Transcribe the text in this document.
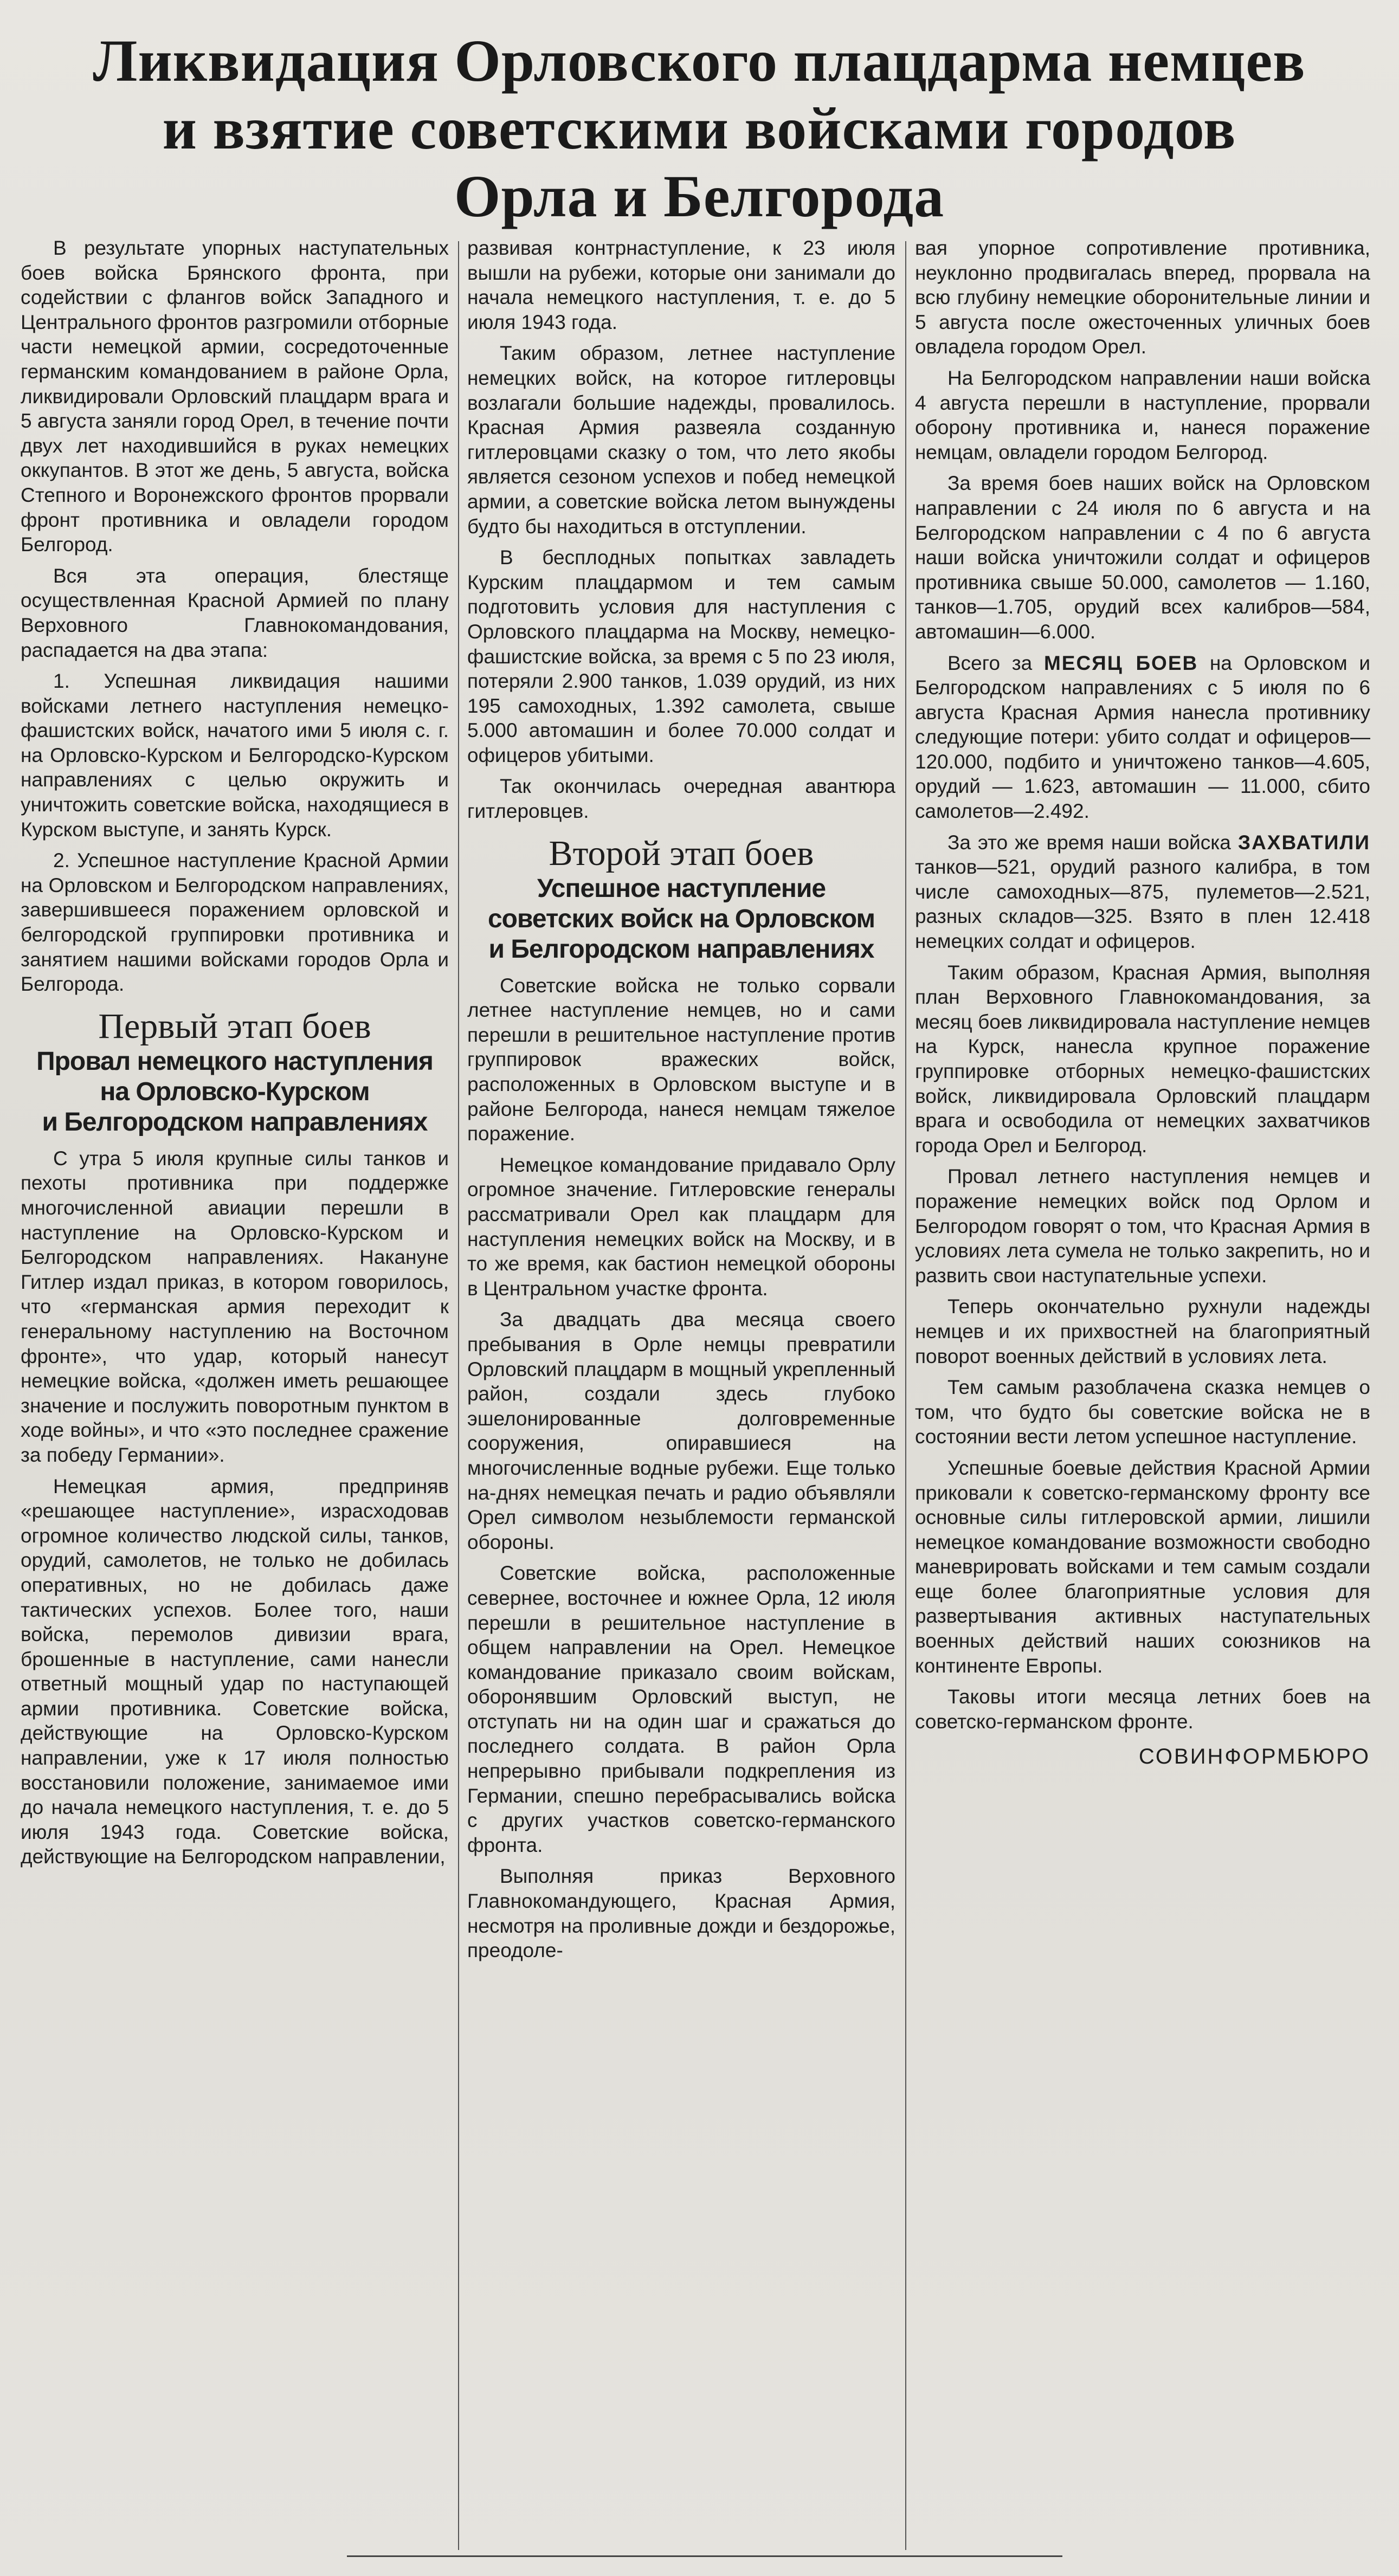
Ликвидация Орловского плацдарма немцев
и взятие советскими войсками городов
Орла и Белгорода

В результате упорных наступательных боев войска Брянского фронта, при содействии с флангов войск Западного и Центрального фронтов разгромили отборные части немецкой армии, сосредоточенные германским командованием в районе Орла, ликвидировали Орловский плацдарм врага и 5 августа заняли город Орел, в течение почти двух лет находившийся в руках немецких оккупантов. В этот же день, 5 августа, войска Степного и Воронежского фронтов прорвали фронт противника и овладели городом Белгород.

Вся эта операция, блестяще осуществленная Красной Армией по плану Верховного Главнокомандования, распадается на два этапа:

1. Успешная ликвидация нашими войсками летнего наступления немецко-фашистских войск, начатого ими 5 июля с. г. на Орловско-Курском и Белгородско-Курском направлениях с целью окружить и уничтожить советские войска, находящиеся в Курском выступе, и занять Курск.

2. Успешное наступление Красной Армии на Орловском и Белгородском направлениях, завершившееся поражением орловской и белгородской группировки противника и занятием нашими войсками городов Орла и Белгорода.

Первый этап боев
Провал немецкого наступления
на Орловско-Курском
и Белгородском направлениях

С утра 5 июля крупные силы танков и пехоты противника при поддержке многочисленной авиации перешли в наступление на Орловско-Курском и Белгородском направлениях. Накануне Гитлер издал приказ, в котором говорилось, что «германская армия переходит к генеральному наступлению на Восточном фронте», что удар, который нанесут немецкие войска, «должен иметь решающее значение и послужить поворотным пунктом в ходе войны», и что «это последнее сражение за победу Германии».

Немецкая армия, предприняв «решающее наступление», израсходовав огромное количество людской силы, танков, орудий, самолетов, не только не добилась оперативных, но не добилась даже тактических успехов. Более того, наши войска, перемолов дивизии врага, брошенные в наступление, сами нанесли ответный мощный удар по наступающей армии противника. Советские войска, действующие на Орловско-Курском направлении, уже к 17 июля полностью восстановили положение, занимаемое ими до начала немецкого наступления, т. е. до 5 июля 1943 года. Советские войска, действующие на Белгородском направлении,

развивая контрнаступление, к 23 июля вышли на рубежи, которые они занимали до начала немецкого наступления, т. е. до 5 июля 1943 года.

Таким образом, летнее наступление немецких войск, на которое гитлеровцы возлагали большие надежды, провалилось. Красная Армия развеяла созданную гитлеровцами сказку о том, что лето якобы является сезоном успехов и побед немецкой армии, а советские войска летом вынуждены будто бы находиться в отступлении.

В бесплодных попытках завладеть Курским плацдармом и тем самым подготовить условия для наступления с Орловского плацдарма на Москву, немецко-фашистские войска, за время с 5 по 23 июля, потеряли 2.900 танков, 1.039 орудий, из них 195 самоходных, 1.392 самолета, свыше 5.000 автомашин и более 70.000 солдат и офицеров убитыми.

Так окончилась очередная авантюра гитлеровцев.

Второй этап боев
Успешное наступление
советских войск на Орловском
и Белгородском направлениях

Советские войска не только сорвали летнее наступление немцев, но и сами перешли в решительное наступление против группировок вражеских войск, расположенных в Орловском выступе и в районе Белгорода, нанеся немцам тяжелое поражение.

Немецкое командование придавало Орлу огромное значение. Гитлеровские генералы рассматривали Орел как плацдарм для наступления немецких войск на Москву, и в то же время, как бастион немецкой обороны в Центральном участке фронта.

За двадцать два месяца своего пребывания в Орле немцы превратили Орловский плацдарм в мощный укрепленный район, создали здесь глубоко эшелонированные долговременные сооружения, опиравшиеся на многочисленные водные рубежи. Еще только на-днях немецкая печать и радио объявляли Орел символом незыблемости германской обороны.

Советские войска, расположенные севернее, восточнее и южнее Орла, 12 июля перешли в решительное наступление в общем направлении на Орел. Немецкое командование приказало своим войскам, оборонявшим Орловский выступ, не отступать ни на один шаг и сражаться до последнего солдата. В район Орла непрерывно прибывали подкрепления из Германии, спешно перебрасывались войска с других участков советско-германского фронта.

Выполняя приказ Верховного Главнокомандующего, Красная Армия, несмотря на проливные дожди и бездорожье, преодоле-

вая упорное сопротивление противника, неуклонно продвигалась вперед, прорвала на всю глубину немецкие оборонительные линии и 5 августа после ожесточенных уличных боев овладела городом Орел.

На Белгородском направлении наши войска 4 августа перешли в наступление, прорвали оборону противника и, нанеся поражение немцам, овладели городом Белгород.

За время боев наших войск на Орловском направлении с 24 июля по 6 августа и на Белгородском направлении с 4 по 6 августа наши войска уничтожили солдат и офицеров противника свыше 50.000, самолетов — 1.160, танков—1.705, орудий всех калибров—584, автомашин—6.000.

Всего за МЕСЯЦ БОЕВ на Орловском и Белгородском направлениях с 5 июля по 6 августа Красная Армия нанесла противнику следующие потери: убито солдат и офицеров—120.000, подбито и уничтожено танков—4.605, орудий — 1.623, автомашин — 11.000, сбито самолетов—2.492.

За это же время наши войска ЗАХВАТИЛИ танков—521, орудий разного калибра, в том числе самоходных—875, пулеметов—2.521, разных складов—325. Взято в плен 12.418 немецких солдат и офицеров.

Таким образом, Красная Армия, выполняя план Верховного Главнокомандования, за месяц боев ликвидировала наступление немцев на Курск, нанесла крупное поражение группировке отборных немецко-фашистских войск, ликвидировала Орловский плацдарм врага и освободила от немецких захватчиков города Орел и Белгород.

Провал летнего наступления немцев и поражение немецких войск под Орлом и Белгородом говорят о том, что Красная Армия в условиях лета сумела не только закрепить, но и развить свои наступательные успехи.

Теперь окончательно рухнули надежды немцев и их прихвостней на благоприятный поворот военных действий в условиях лета.

Тем самым разоблачена сказка немцев о том, что будто бы советские войска не в состоянии вести летом успешное наступление.

Успешные боевые действия Красной Армии приковали к советско-германскому фронту все основные силы гитлеровской армии, лишили немецкое командование возможности свободно маневрировать войсками и тем самым создали еще более благоприятные условия для развертывания активных наступательных военных действий наших союзников на континенте Европы.

Таковы итоги месяца летних боев на советско-германском фронте.

СОВИНФОРМБЮРО
